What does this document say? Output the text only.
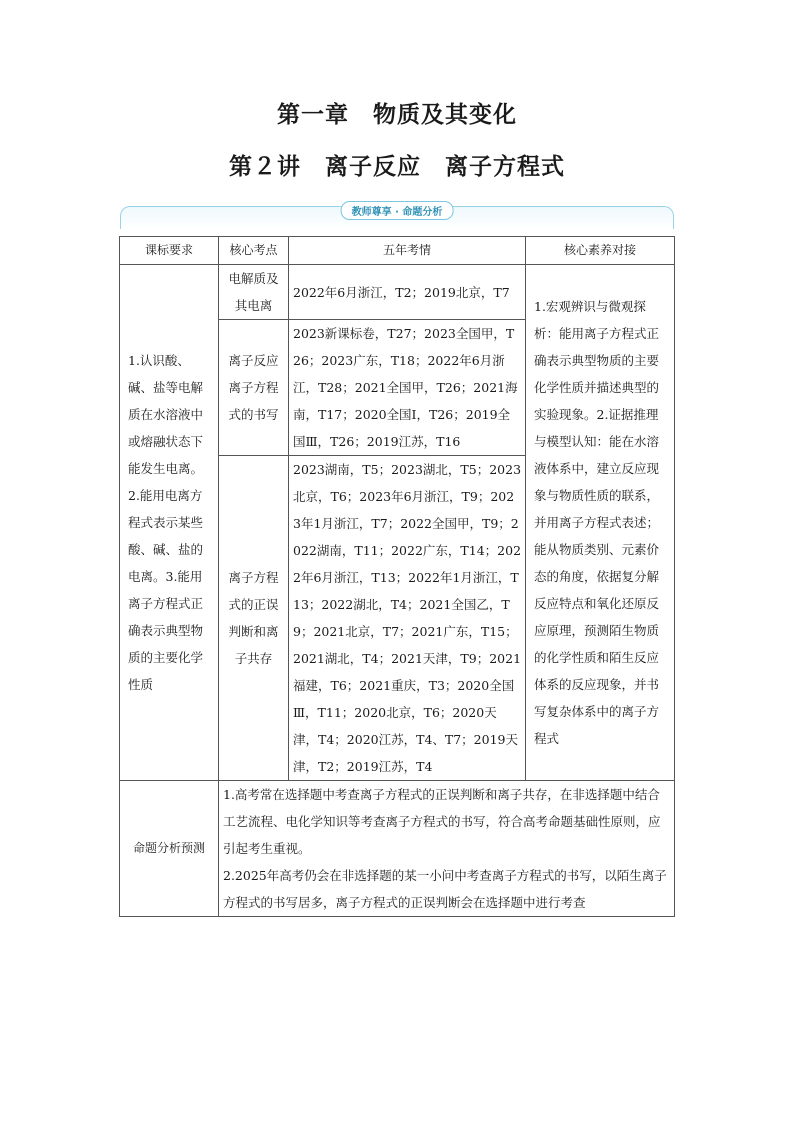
第一章　物质及其变化
第２讲　离子反应　离子方程式
教师尊享 · 命题分析
课标要求	核心考点	五年考情	核心素养对接
1.认识酸、碱、盐等电解质在水溶液中或熔融状态下能发生电离。2.能用电离方程式表示某些酸、碱、盐的电离。3.能用离子方程式正确表示典型物质的主要化学性质	电解质及其电离	2022年6月浙江，T2；2019北京，T7	1.宏观辨识与微观探析：能用离子方程式正确表示典型物质的主要化学性质并描述典型的实验现象。2.证据推理与模型认知：能在水溶液体系中，建立反应现象与物质性质的联系，并用离子方程式表述；能从物质类别、元素价态的角度，依据复分解反应特点和氧化还原反应原理，预测陌生物质的化学性质和陌生反应体系的反应现象，并书写复杂体系中的离子方程式
	离子反应离子方程式的书写	2023新课标卷，T27；2023全国甲，T26；2023广东，T18；2022年6月浙江，T28；2021全国甲，T26；2021海南，T17；2020全国Ⅰ，T26；2019全国Ⅲ，T26；2019江苏，T16	
	离子方程式的正误判断和离子共存	2023湖南，T5；2023湖北，T5；2023北京，T6；2023年6月浙江，T9；2023年1月浙江，T7；2022全国甲，T9；2022湖南，T11；2022广东，T14；2022年6月浙江，T13；2022年1月浙江，T13；2022湖北，T4；2021全国乙，T9；2021北京，T7；2021广东，T15；2021湖北，T4；2021天津，T9；2021福建，T6；2021重庆，T3；2020全国Ⅲ，T11；2020北京，T6；2020天津，T4；2020江苏，T4、T7；2019天津，T2；2019江苏，T4	
命题分析预测	1.高考常在选择题中考查离子方程式的正误判断和离子共存，在非选择题中结合工艺流程、电化学知识等考查离子方程式的书写，符合高考命题基础性原则，应引起考生重视。
2.2025年高考仍会在非选择题的某一小问中考查离子方程式的书写，以陌生离子方程式的书写居多，离子方程式的正误判断会在选择题中进行考查		
